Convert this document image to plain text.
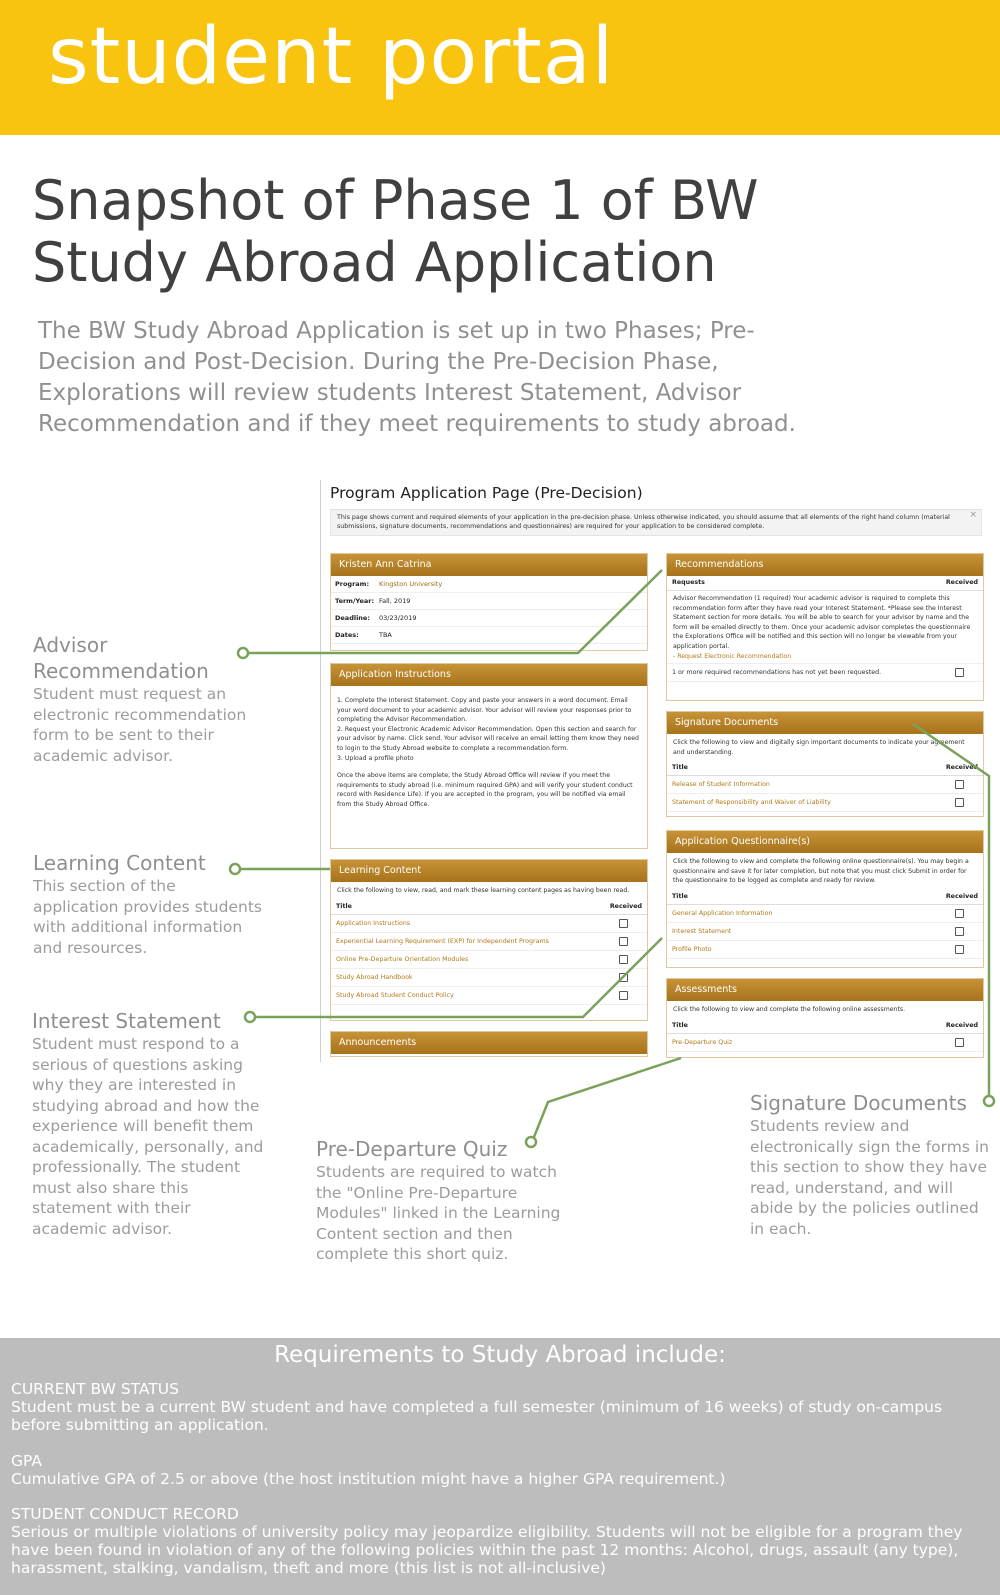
student portal
Snapshot of Phase 1 of BW Study Abroad Application
The BW Study Abroad Application is set up in two Phases; Pre-Decision and Post-Decision. During the Pre-Decision Phase, Explorations will review students Interest Statement, Advisor Recommendation and if they meet requirements to study abroad.
Advisor Recommendation
Student must request an electronic recommendation form to be sent to their academic advisor.
Learning Content
This section of the application provides students with additional information and resources.
Interest Statement
Student must respond to a serious of questions asking why they are interested in studying abroad and how the experience will benefit them academically, personally, and professionally. The student must also share this statement with their academic advisor.
Pre-Departure Quiz
Students are required to watch the "Online Pre-Departure Modules" linked in the Learning Content section and then complete this short quiz.
Signature Documents
Students review and electronically sign the forms in this section to show they have read, understand, and will abide by the policies outlined in each.
Program Application Page (Pre-Decision)
This page shows current and required elements of your application in the pre-decision phase. Unless otherwise indicated, you should assume that all elements of the right hand column (material submissions, signature documents, recommendations and questionnaires) are required for your application to be considered complete.
×
Kristen Ann Catrina
Program:	Kingston University
Term/Year: Fall, 2019
Deadline:	03/23/2019
Dates:	TBA
Application Instructions
1. Complete the Interest Statement. Copy and paste your answers in a word document. Email your word document to your academic advisor. Your advisor will review your responses prior to completing the Advisor Recommendation.
2. Request your Electronic Academic Advisor Recommendation. Open this section and search for your advisor by name. Click send. Your advisor will receive an email letting them know they need to login to the Study Abroad website to complete a recommendation form.
3. Upload a profile photo
Once the above items are complete, the Study Abroad Office will review if you meet the requirements to study abroad (i.e. minimum required GPA) and will verify your student conduct record with Residence Life). If you are accepted in the program, you will be notified via email from the Study Abroad Office.
Learning Content
Click the following to view, read, and mark these learning content pages as having been read.
Title	Received
Application Instructions
Experiential Learning Requirement (EXP) for Independent Programs
Online Pre-Departure Orientation Modules
Study Abroad Handbook
Study Abroad Student Conduct Policy
Announcements
Recommendations
Requests	Received
Advisor Recommendation (1 required) Your academic advisor is required to complete this recommendation form after they have read your Interest Statement. *Please see the Interest Statement section for more details. You will be able to search for your advisor by name and the form will be emailed directly to them. Once your academic advisor completes the questionnaire the Explorations Office will be notified and this section will no longer be viewable from your application portal.
- Request Electronic Recommendation
1 or more required recommendations has not yet been requested.
Signature Documents
Click the following to view and digitally sign important documents to indicate your agreement and understanding.
Title	Received
Release of Student Information
Statement of Responsibility and Waiver of Liability
Application Questionnaire(s)
Click the following to view and complete the following online questionnaire(s). You may begin a questionnaire and save it for later completion, but note that you must click Submit in order for the questionnaire to be logged as complete and ready for review.
Title	Received
General Application Information
Interest Statement
Profile Photo
Assessments
Click the following to view and complete the following online assessments.
Title	Received
Pre-Departure Quiz
Requirements to Study Abroad include:
CURRENT BW STATUS
Student must be a current BW student and have completed a full semester (minimum of 16 weeks) of study on-campus before submitting an application.
GPA
Cumulative GPA of 2.5 or above (the host institution might have a higher GPA requirement.)
STUDENT CONDUCT RECORD
Serious or multiple violations of university policy may jeopardize eligibility. Students will not be eligible for a program they have been found in violation of any of the following policies within the past 12 months: Alcohol, drugs, assault (any type), harassment, stalking, vandalism, theft and more (this list is not all-inclusive)
